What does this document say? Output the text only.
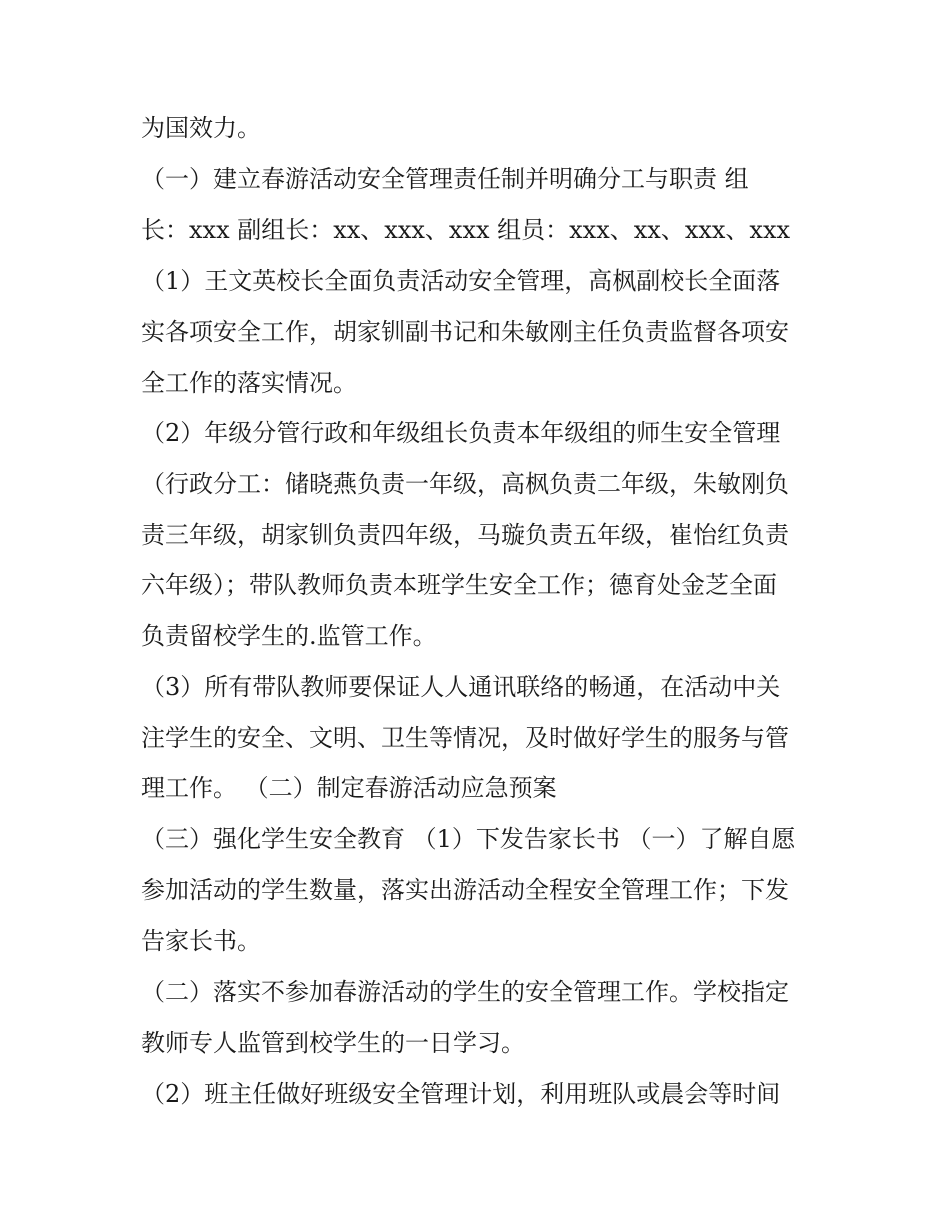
为国效力。
（一）建立春游活动安全管理责任制并明确分工与职责 组
长：xxx 副组长：xx、xxx、xxx 组员：xxx、xx、xxx、xxx
（1）王文英校长全面负责活动安全管理，高枫副校长全面落
实各项安全工作，胡家钏副书记和朱敏刚主任负责监督各项安
全工作的落实情况。
（2）年级分管行政和年级组长负责本年级组的师生安全管理
（行政分工：储晓燕负责一年级，高枫负责二年级，朱敏刚负
责三年级，胡家钏负责四年级，马璇负责五年级，崔怡红负责
六年级）；带队教师负责本班学生安全工作；德育处金芝全面
负责留校学生的.监管工作。
（3）所有带队教师要保证人人通讯联络的畅通，在活动中关
注学生的安全、文明、卫生等情况，及时做好学生的服务与管
理工作。 （二）制定春游活动应急预案
（三）强化学生安全教育 （1）下发告家长书 （一）了解自愿
参加活动的学生数量，落实出游活动全程安全管理工作；下发
告家长书。
（二）落实不参加春游活动的学生的安全管理工作。学校指定
教师专人监管到校学生的一日学习。
（2）班主任做好班级安全管理计划，利用班队或晨会等时间
